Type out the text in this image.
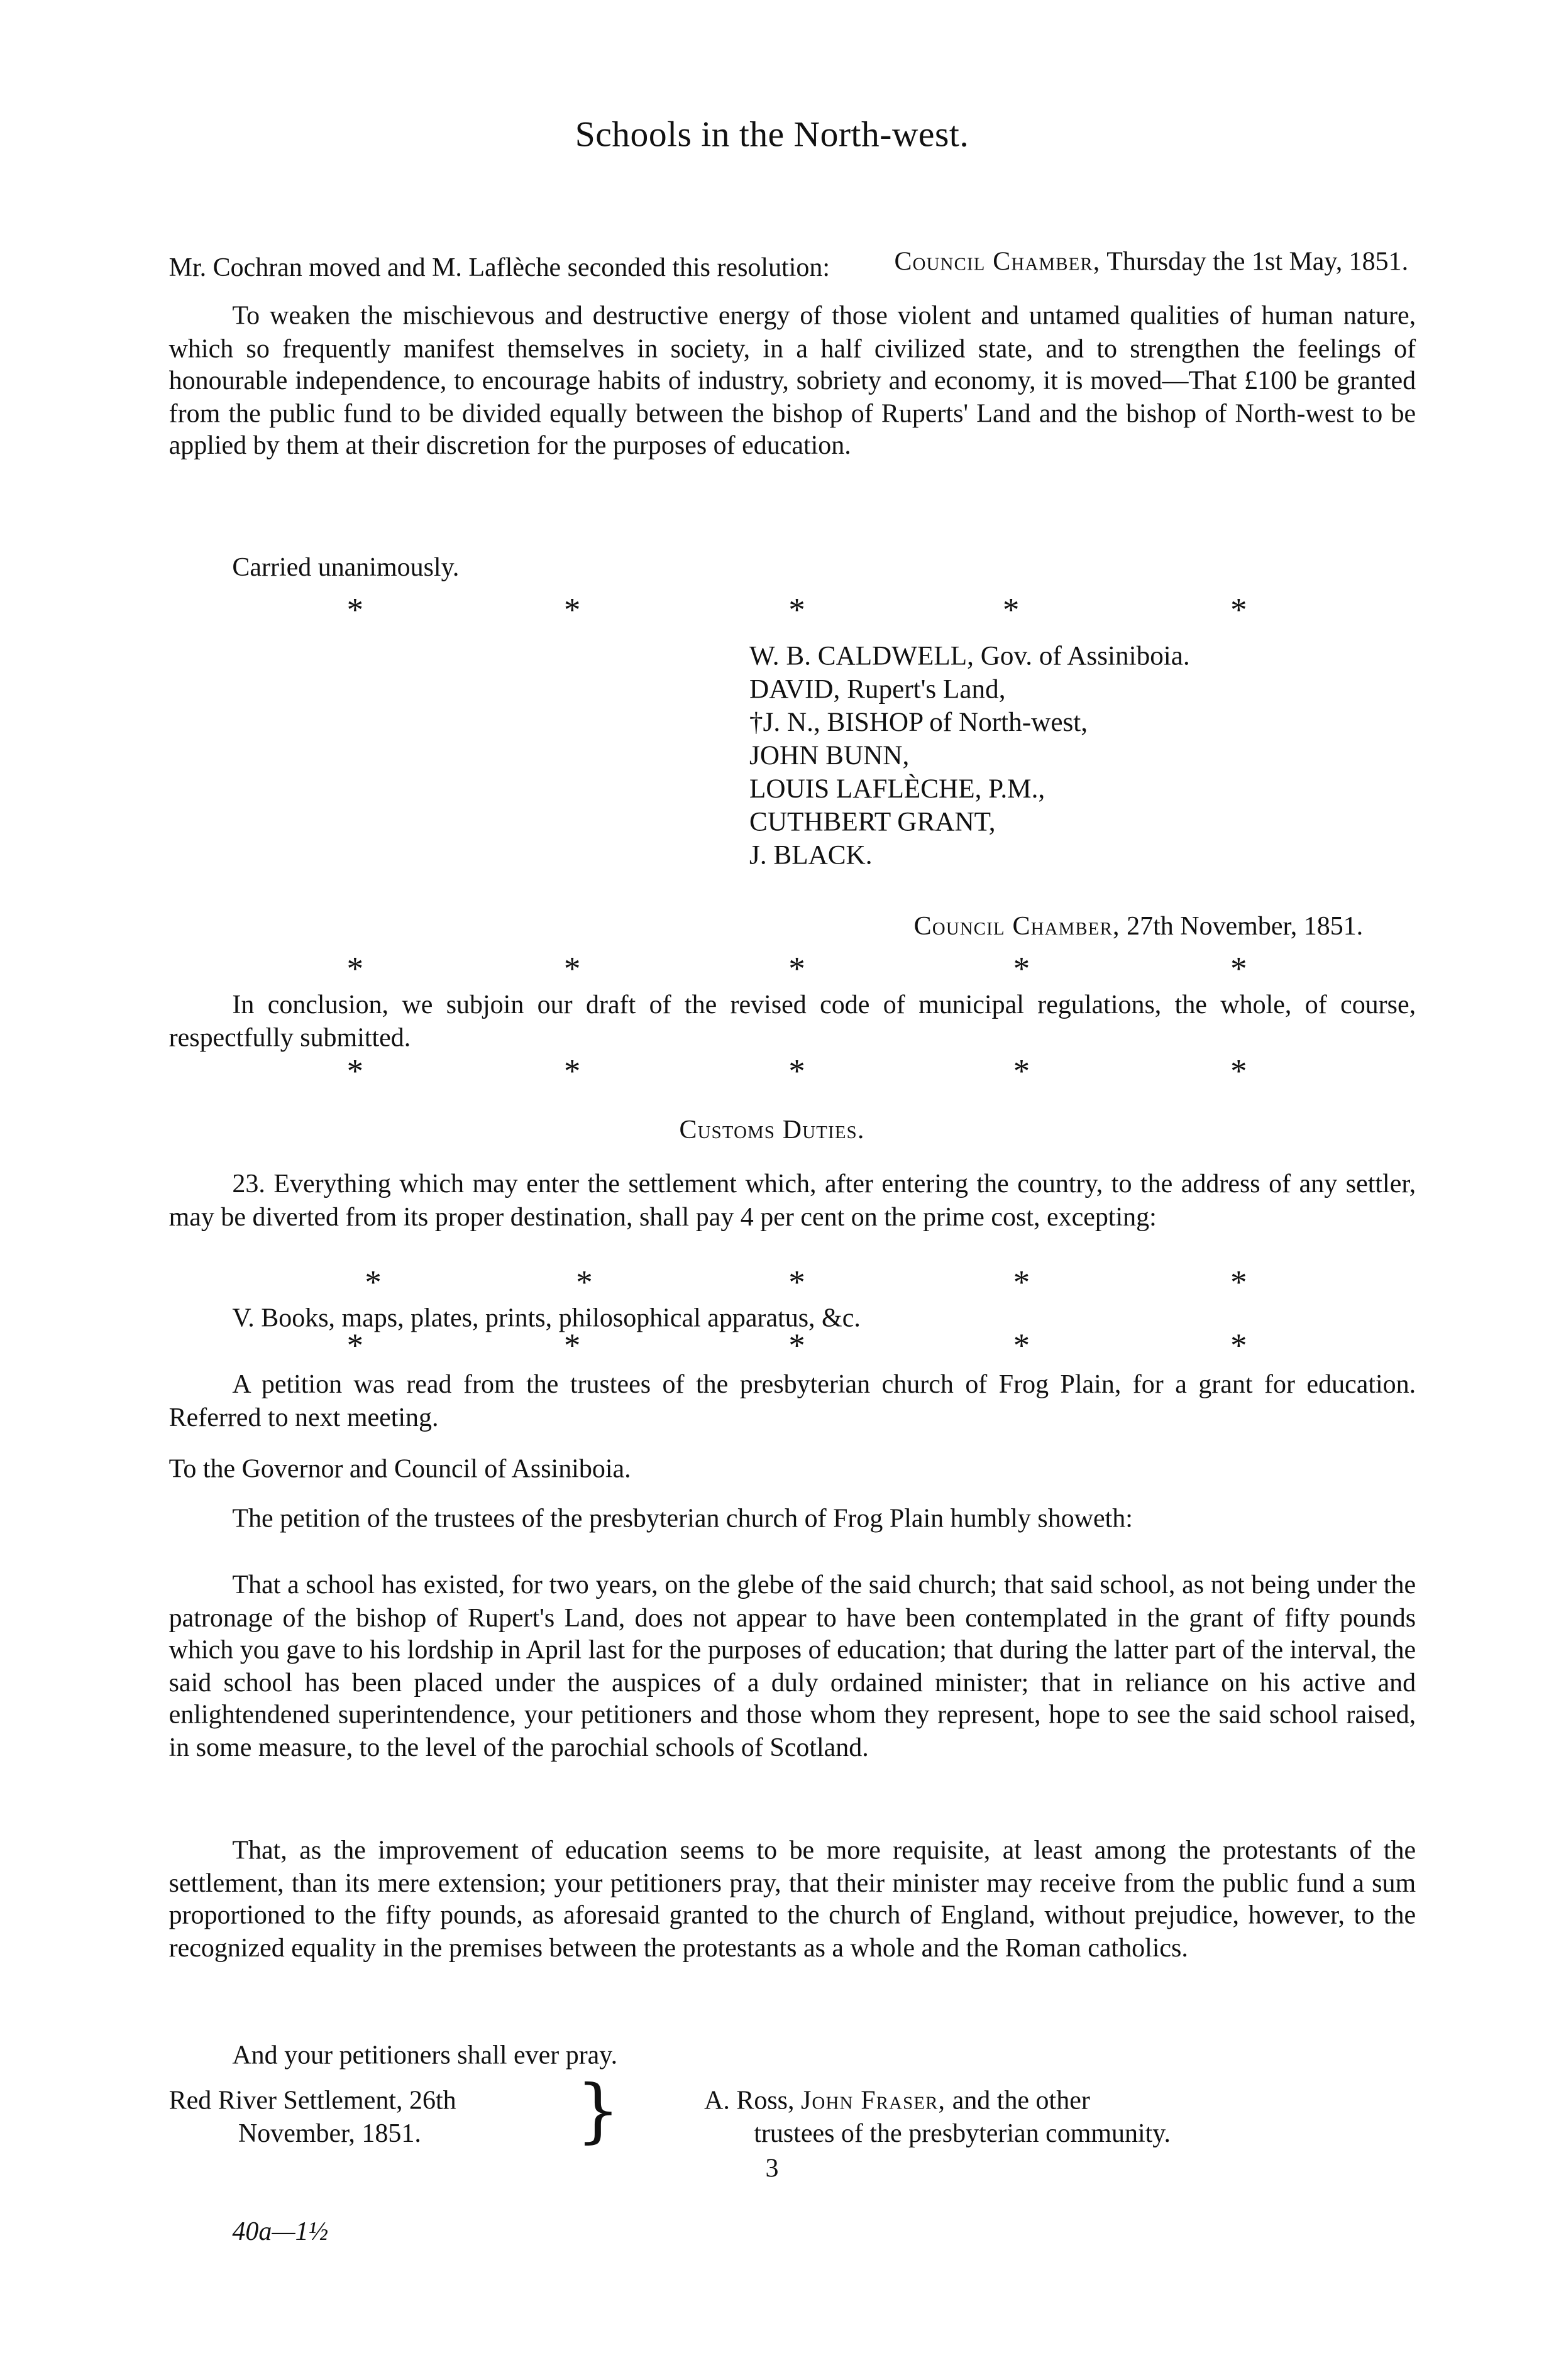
Schools in the North-west.
Council Chamber, Thursday the 1st May, 1851.
Mr. Cochran moved and M. Laflèche seconded this resolution:
To weaken the mischievous and destructive energy of those violent and untamed qualities of human nature, which so frequently manifest themselves in society, in a half civilized state, and to strengthen the feelings of honourable independence, to encourage habits of industry, sobriety and economy, it is moved—That £100 be granted from the public fund to be divided equally between the bishop of Ruperts' Land and the bishop of North-west to be applied by them at their discretion for the purposes of education.
Carried unanimously.
*	*	*	*	*
W. B. CALDWELL, Gov. of Assiniboia.
DAVID, Rupert's Land,
†J. N., BISHOP of North-west,
JOHN BUNN,
LOUIS LAFLÈCHE, P.M.,
CUTHBERT GRANT,
J. BLACK.
Council Chamber, 27th November, 1851.
*	*	*	*	*
In conclusion, we subjoin our draft of the revised code of municipal regulations, the whole, of course, respectfully submitted.
*	*	*	*	*
Customs Duties.
23. Everything which may enter the settlement which, after entering the country, to the address of any settler, may be diverted from its proper destination, shall pay 4 per cent on the prime cost, excepting:
*	*	*	*	*
V. Books, maps, plates, prints, philosophical apparatus, &c.
*	*	*	*	*
A petition was read from the trustees of the presbyterian church of Frog Plain, for a grant for education. Referred to next meeting.
To the Governor and Council of Assiniboia.
The petition of the trustees of the presbyterian church of Frog Plain humbly showeth:
That a school has existed, for two years, on the glebe of the said church; that said school, as not being under the patronage of the bishop of Rupert's Land, does not appear to have been contemplated in the grant of fifty pounds which you gave to his lordship in April last for the purposes of education; that during the latter part of the interval, the said school has been placed under the auspices of a duly ordained minister; that in reliance on his active and enlightendened superintendence, your petitioners and those whom they represent, hope to see the said school raised, in some measure, to the level of the parochial schools of Scotland.
That, as the improvement of education seems to be more requisite, at least among the protestants of the settlement, than its mere extension; your petitioners pray, that their minister may receive from the public fund a sum proportioned to the fifty pounds, as aforesaid granted to the church of England, without prejudice, however, to the recognized equality in the premises between the protestants as a whole and the Roman catholics.
And your petitioners shall ever pray.
Red River Settlement, 26th
November, 1851.	}	A. Ross, John Fraser, and the other
trustees of the presbyterian community.
3
40a—1½
